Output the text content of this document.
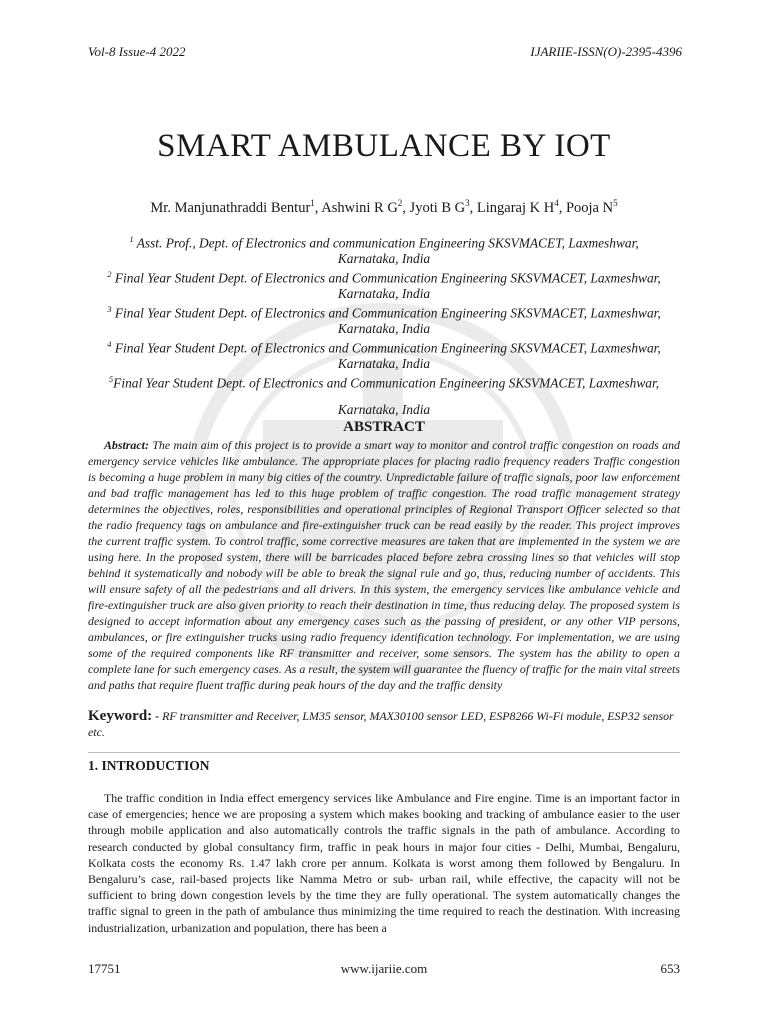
Vol-8 Issue-4 2022	IJARIIE-ISSN(O)-2395-4396
SMART AMBULANCE BY IOT
Mr. Manjunathraddi Bentur$^1$, Ashwini R $G^2$, Jyoti B $G^3$, Lingaraj K $H^4$, Pooja $N^5$

$^1$ Asst. Prof., Dept. of Electronics and communication Engineering SKSVMACET, Laxmeshwar,
Karnataka, India

$^2$ Final Year Student Dept. of Electronics and Communication Engineering SKSVMACET, Laxmeshwar,
Karnataka, India

$^3$ Final Year Student Dept. of Electronics and Communication Engineering SKSVMACET, Laxmeshwar,
Karnataka, India

$^4$ Final Year Student Dept. of Electronics and Communication Engineering SKSVMACET, Laxmeshwar,
Karnataka, India

$^5$Final Year Student Dept. of Electronics and Communication Engineering SKSVMACET, Laxmeshwar,
Karnataka, India

ABSTRACT

Abstract: The main aim of this project is to provide a smart way to monitor and control traffic congestion on roads and emergency service vehicles like ambulance. The appropriate places for placing radio frequency readers Traffic congestion is becoming a huge problem in many big cities of the country. Unpredictable failure of traffic signals, poor law enforcement and bad traffic management has led to this huge problem of traffic congestion. The road traffic management strategy determines the objectives, roles, responsibilities and operational principles of Regional Transport Officer selected so that the radio frequency tags on ambulance and fire-extinguisher truck can be read easily by the reader. This project improves the current traffic system. To control traffic, some corrective measures are taken that are implemented in the system we are using here. In the proposed system, there will be barricades placed before zebra crossing lines so that vehicles will stop behind it systematically and nobody will be able to break the signal rule and go, thus, reducing number of accidents. This will ensure safety of all the pedestrians and all drivers. In this system, the emergency services like ambulance vehicle and fire-extinguisher truck are also given priority to reach their destination in time, thus reducing delay. The proposed system is designed to accept information about any emergency cases such as the passing of president, or any other VIP persons, ambulances, or fire extinguisher trucks using radio frequency identification technology. For implementation, we are using some of the required components like RF transmitter and receiver, some sensors. The system has the ability to open a complete lane for such emergency cases. As a result, the system will guarantee the fluency of traffic for the main vital streets and paths that require fluent traffic during peak hours of the day and the traffic density

Keyword: - RF transmitter and Receiver, LM35 sensor, MAX30100 sensor LED, ESP8266 Wi-Fi module, ESP32 sensor etc.
1. INTRODUCTION

The traffic condition in India effect emergency services like Ambulance and Fire engine. Time is an important factor in case of emergencies; hence we are proposing a system which makes booking and tracking of ambulance easier to the user through mobile application and also automatically controls the traffic signals in the path of ambulance. According to research conducted by global consultancy firm, traffic in peak hours in major four cities - Delhi, Mumbai, Bengaluru, Kolkata costs the economy Rs. 1.47 lakh crore per annum. Kolkata is worst among them followed by Bengaluru. In Bengaluru’s case, rail-based projects like Namma Metro or sub- urban rail, while effective, the capacity will not be sufficient to bring down congestion levels by the time they are fully operational. The system automatically changes the traffic signal to green in the path of ambulance thus minimizing the time required to reach the destination. With increasing industrialization, urbanization and population, there has been a

17751	www.ijariie.com	653
